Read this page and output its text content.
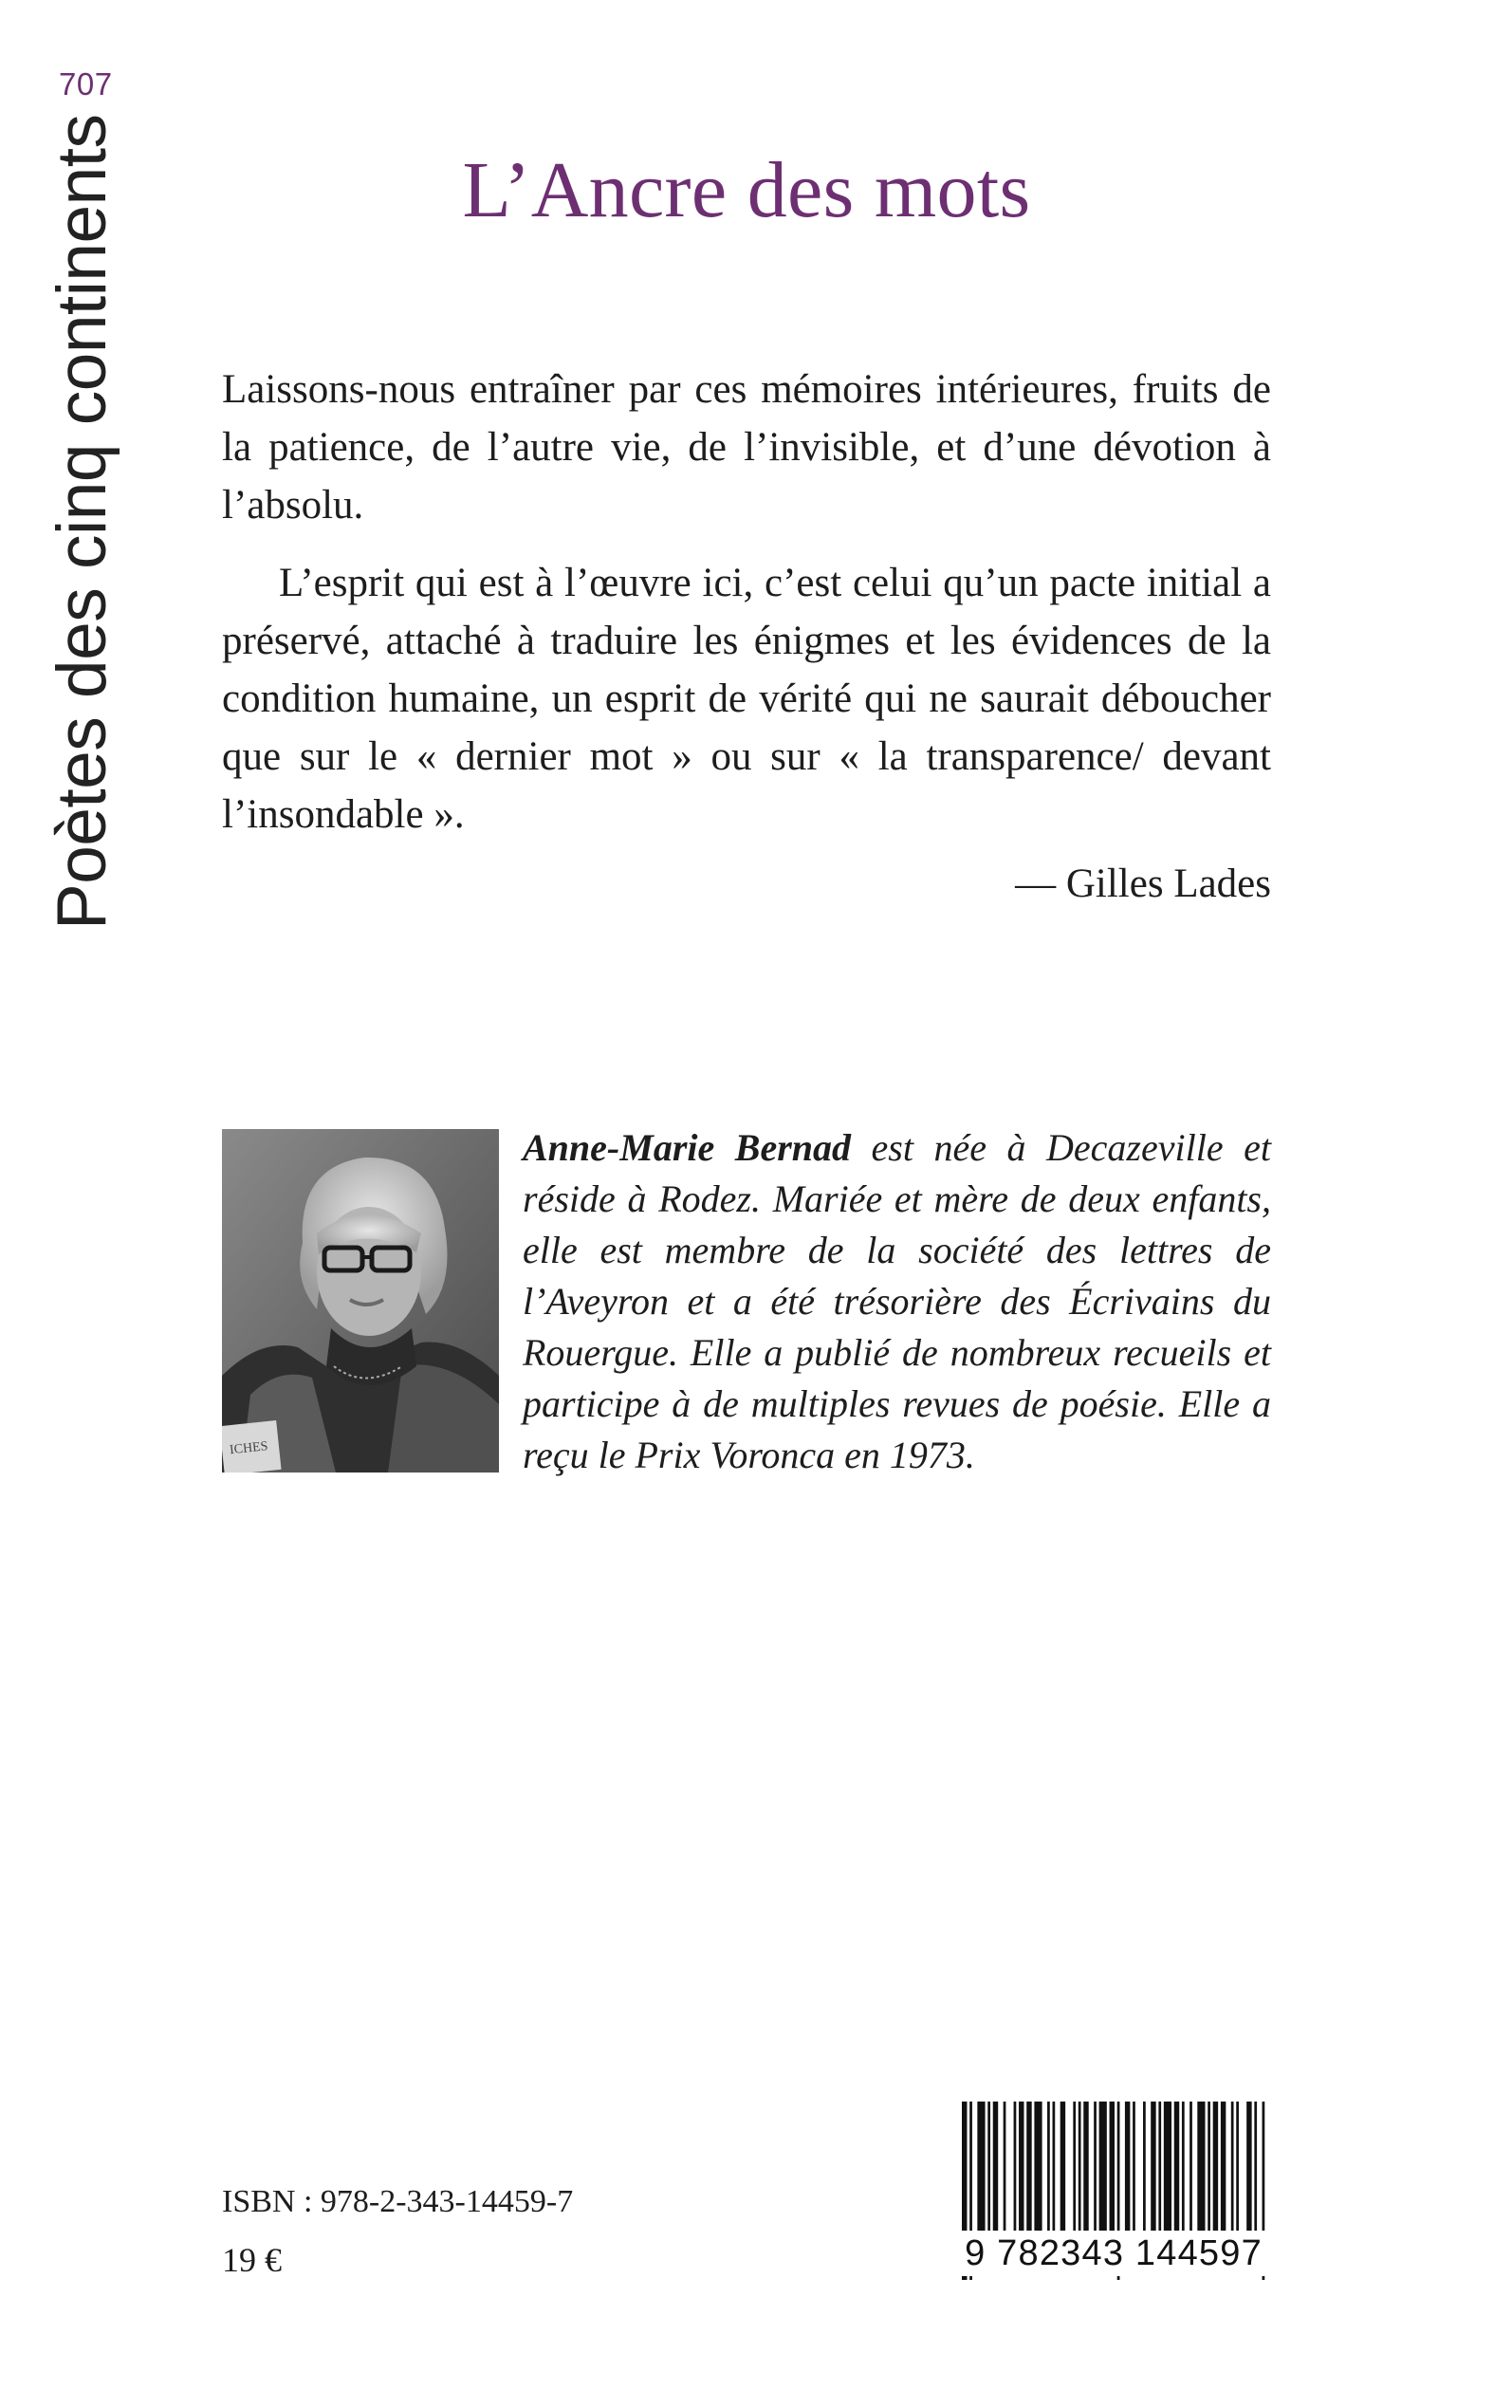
707
Poètes des cinq continents	L’Ancre des mots

Laissons-nous entraîner par ces mémoires intérieures, fruits de la patience, de l’autre vie, de l’invisible, et d’une dévotion à l’absolu.

L’esprit qui est à l’œuvre ici, c’est celui qu’un pacte initial a préservé, attaché à traduire les énigmes et les évidences de la condition humaine, un esprit de vérité qui ne saurait déboucher que sur le « dernier mot » ou sur « la transparence/ devant l’insondable ».

— Gilles Lades

ICHES
Anne-Marie Bernad est née à Decazeville et réside à Rodez. Mariée et mère de deux enfants, elle est membre de la société des lettres de l’Aveyron et a été trésorière des Écrivains du Rouergue. Elle a publié de nombreux recueils et participe à de multiples revues de poésie. Elle a reçu le Prix Voronca en 1973.
ISBN : 978-2-343-14459-7
19 €	9 782343 144597
